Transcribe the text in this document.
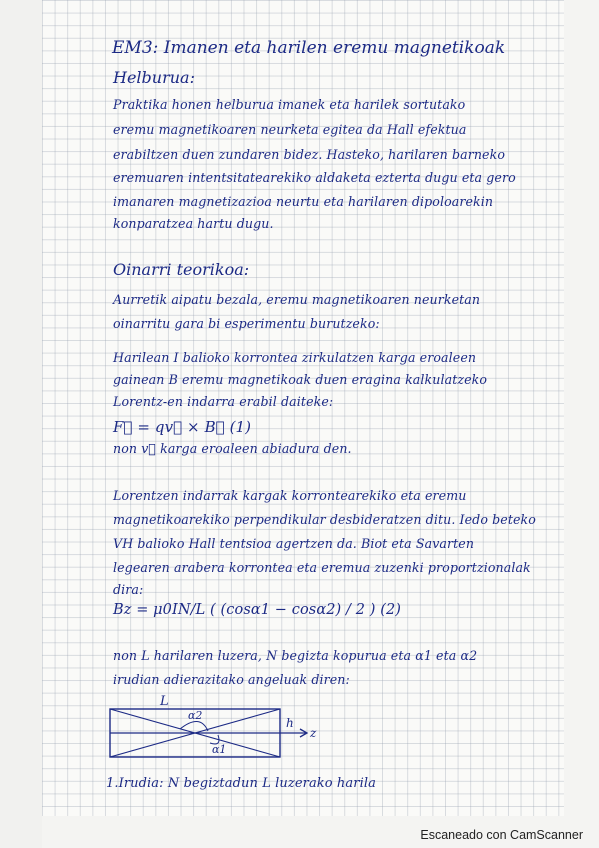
EM3: Imanen eta harilen eremu magnetikoak
Helburua:
Praktika honen helburua imanek eta harilek sortutako
eremu magnetikoaren neurketa egitea da Hall efektua
erabiltzen duen zundaren bidez. Hasteko, harilaren barneko
eremuaren intentsitatearekiko aldaketa ezterta dugu eta gero
imanaren magnetizazioa neurtu eta harilaren dipoloarekin
konparatzea hartu dugu.
Oinarri teorikoa:
Aurretik aipatu bezala, eremu magnetikoaren neurketan
oinarritu gara bi esperimentu burutzeko:
Harilean I balioko korrontea zirkulatzen karga eroaleen
gainean B eremu magnetikoak duen eragina kalkulatzeko
Lorentz-en indarra erabil daiteke:
F⃗ = qv⃗ × B⃗ (1)
non v⃗ karga eroaleen abiadura den.
Lorentzen indarrak kargak korrontearekiko eta eremu
magnetikoarekiko perpendikular desbideratzen ditu. Iedo beteko
VH balioko Hall tentsioa agertzen da. Biot eta Savarten
legearen arabera korrontea eta eremua zuzenki proportzionalak
dira:
Bz = μ0IN/L ( (cosα1 − cosα2) / 2 ) (2)
non L harilaren luzera, N begizta kopurua eta α1 eta α2
irudian adierazitako angeluak diren:
L
α2
α1
h
z
1.Irudia: N begiztadun L luzerako harila
Escaneado con CamScanner
